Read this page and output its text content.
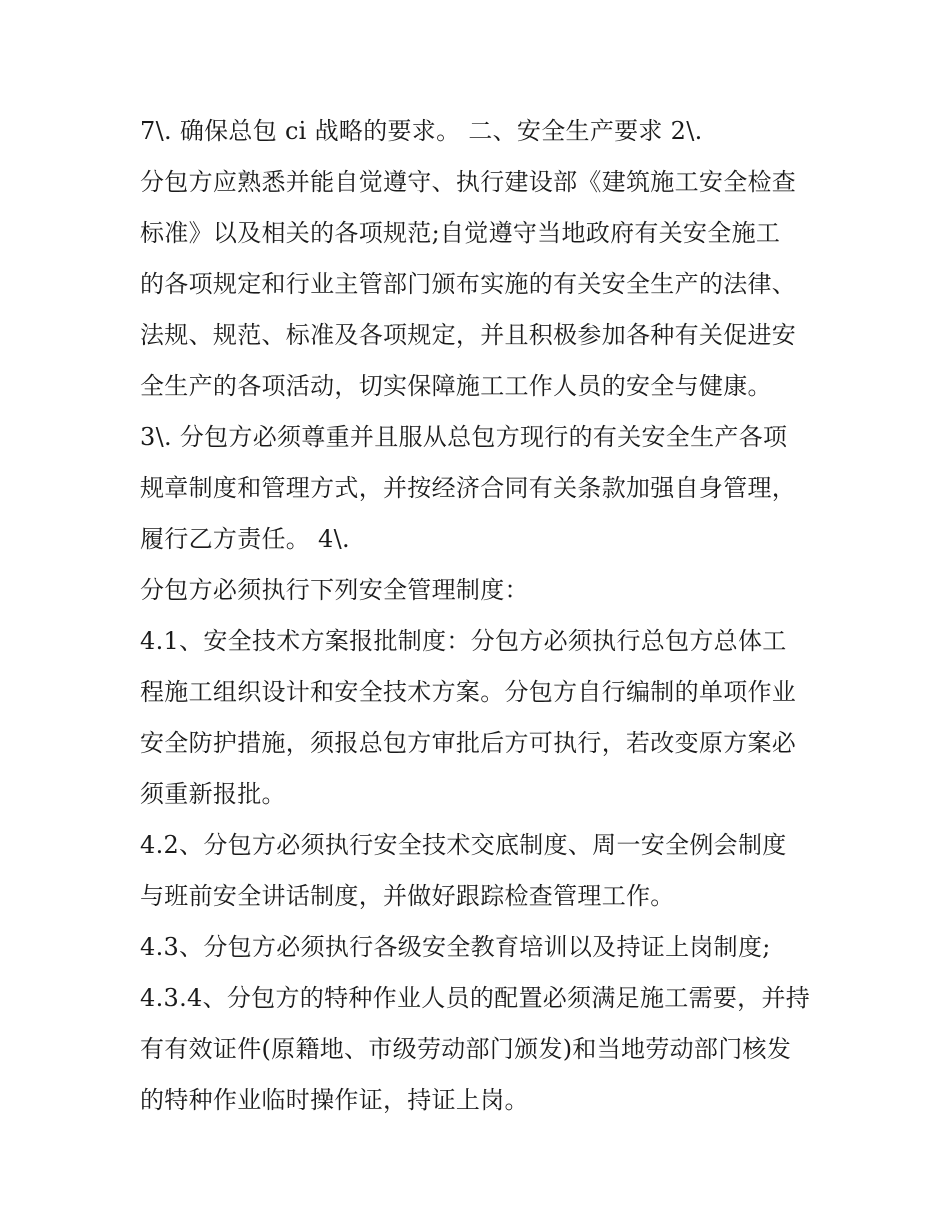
7\. 确保总包 ci 战略的要求。 二、安全生产要求 2\.
分包方应熟悉并能自觉遵守、执行建设部《建筑施工安全检查
标准》以及相关的各项规范;自觉遵守当地政府有关安全施工
的各项规定和行业主管部门颁布实施的有关安全生产的法律、
法规、规范、标准及各项规定，并且积极参加各种有关促进安
全生产的各项活动，切实保障施工工作人员的安全与健康。
3\. 分包方必须尊重并且服从总包方现行的有关安全生产各项
规章制度和管理方式，并按经济合同有关条款加强自身管理，
履行乙方责任。 4\.
分包方必须执行下列安全管理制度：
4.1、安全技术方案报批制度：分包方必须执行总包方总体工
程施工组织设计和安全技术方案。分包方自行编制的单项作业
安全防护措施，须报总包方审批后方可执行，若改变原方案必
须重新报批。
4.2、分包方必须执行安全技术交底制度、周一安全例会制度
与班前安全讲话制度，并做好跟踪检查管理工作。
4.3、分包方必须执行各级安全教育培训以及持证上岗制度;
4.3.4、分包方的特种作业人员的配置必须满足施工需要，并持
有有效证件(原籍地、市级劳动部门颁发)和当地劳动部门核发
的特种作业临时操作证，持证上岗。
